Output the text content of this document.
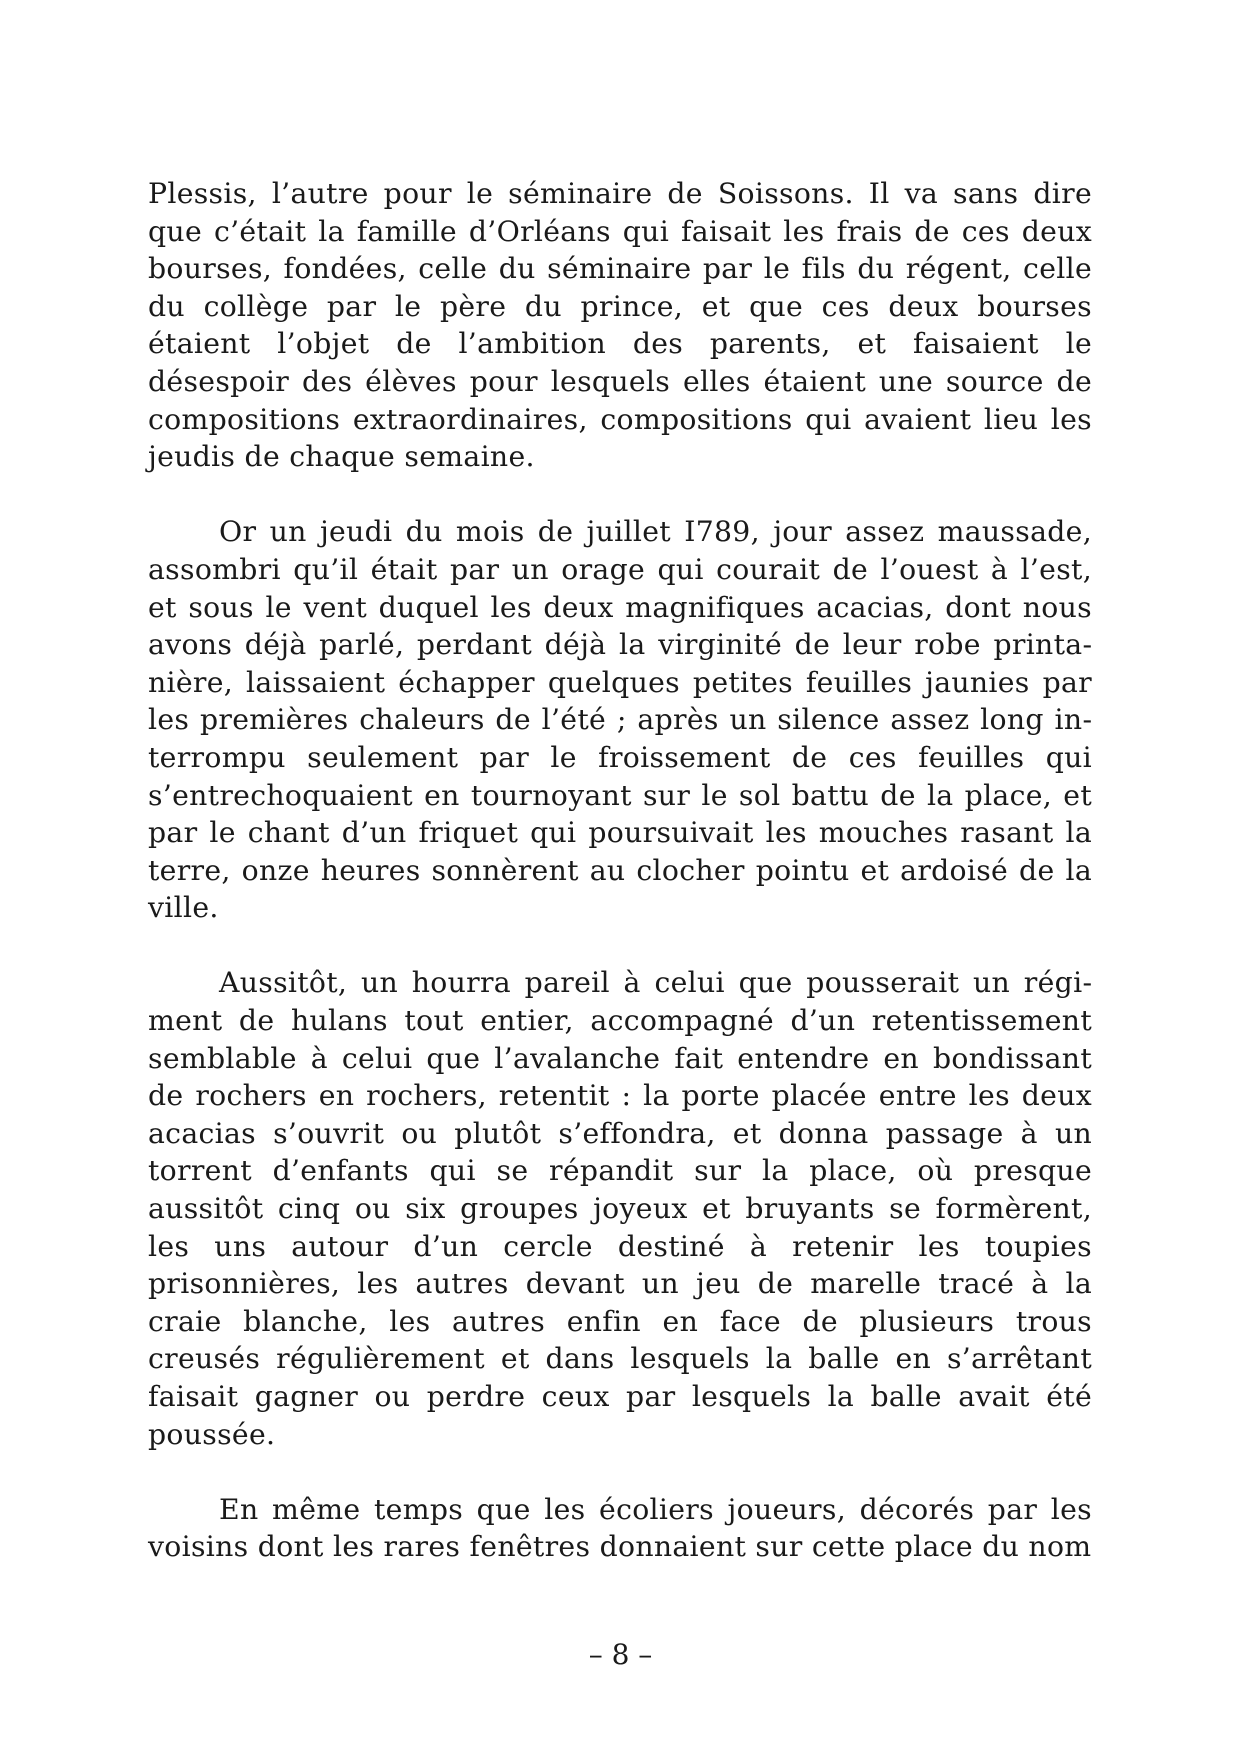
Plessis, l’autre pour le séminaire de Soissons. Il va sans dire que c’était la famille d’Orléans qui faisait les frais de ces deux bourses, fondées, celle du séminaire par le fils du régent, celle du collège par le père du prince, et que ces deux bourses étaient l’objet de l’ambition des parents, et faisaient le désespoir des élèves pour lesquels elles étaient une source de compositions extraordinaires, compositions qui avaient lieu les jeudis de chaque semaine.

Or un jeudi du mois de juillet I789, jour assez maussade, assombri qu’il était par un orage qui courait de l’ouest à l’est, et sous le vent duquel les deux magnifiques acacias, dont nous avons déjà parlé, perdant déjà la virginité de leur robe printanière, laissaient échapper quelques petites feuilles jaunies par les premières chaleurs de l’été ; après un silence assez long interrompu seulement par le froissement de ces feuilles qui s’entrechoquaient en tournoyant sur le sol battu de la place, et par le chant d’un friquet qui poursuivait les mouches rasant la terre, onze heures sonnèrent au clocher pointu et ardoisé de la ville.

Aussitôt, un hourra pareil à celui que pousserait un régiment de hulans tout entier, accompagné d’un retentissement semblable à celui que l’avalanche fait entendre en bondissant de rochers en rochers, retentit : la porte placée entre les deux acacias s’ouvrit ou plutôt s’effondra, et donna passage à un torrent d’enfants qui se répandit sur la place, où presque aussitôt cinq ou six groupes joyeux et bruyants se formèrent, les uns autour d’un cercle destiné à retenir les toupies prisonnières, les autres devant un jeu de marelle tracé à la craie blanche, les autres enfin en face de plusieurs trous creusés régulièrement et dans lesquels la balle en s’arrêtant faisait gagner ou perdre ceux par lesquels la balle avait été poussée.

En même temps que les écoliers joueurs, décorés par les voisins dont les rares fenêtres donnaient sur cette place du nom

– 8 –
